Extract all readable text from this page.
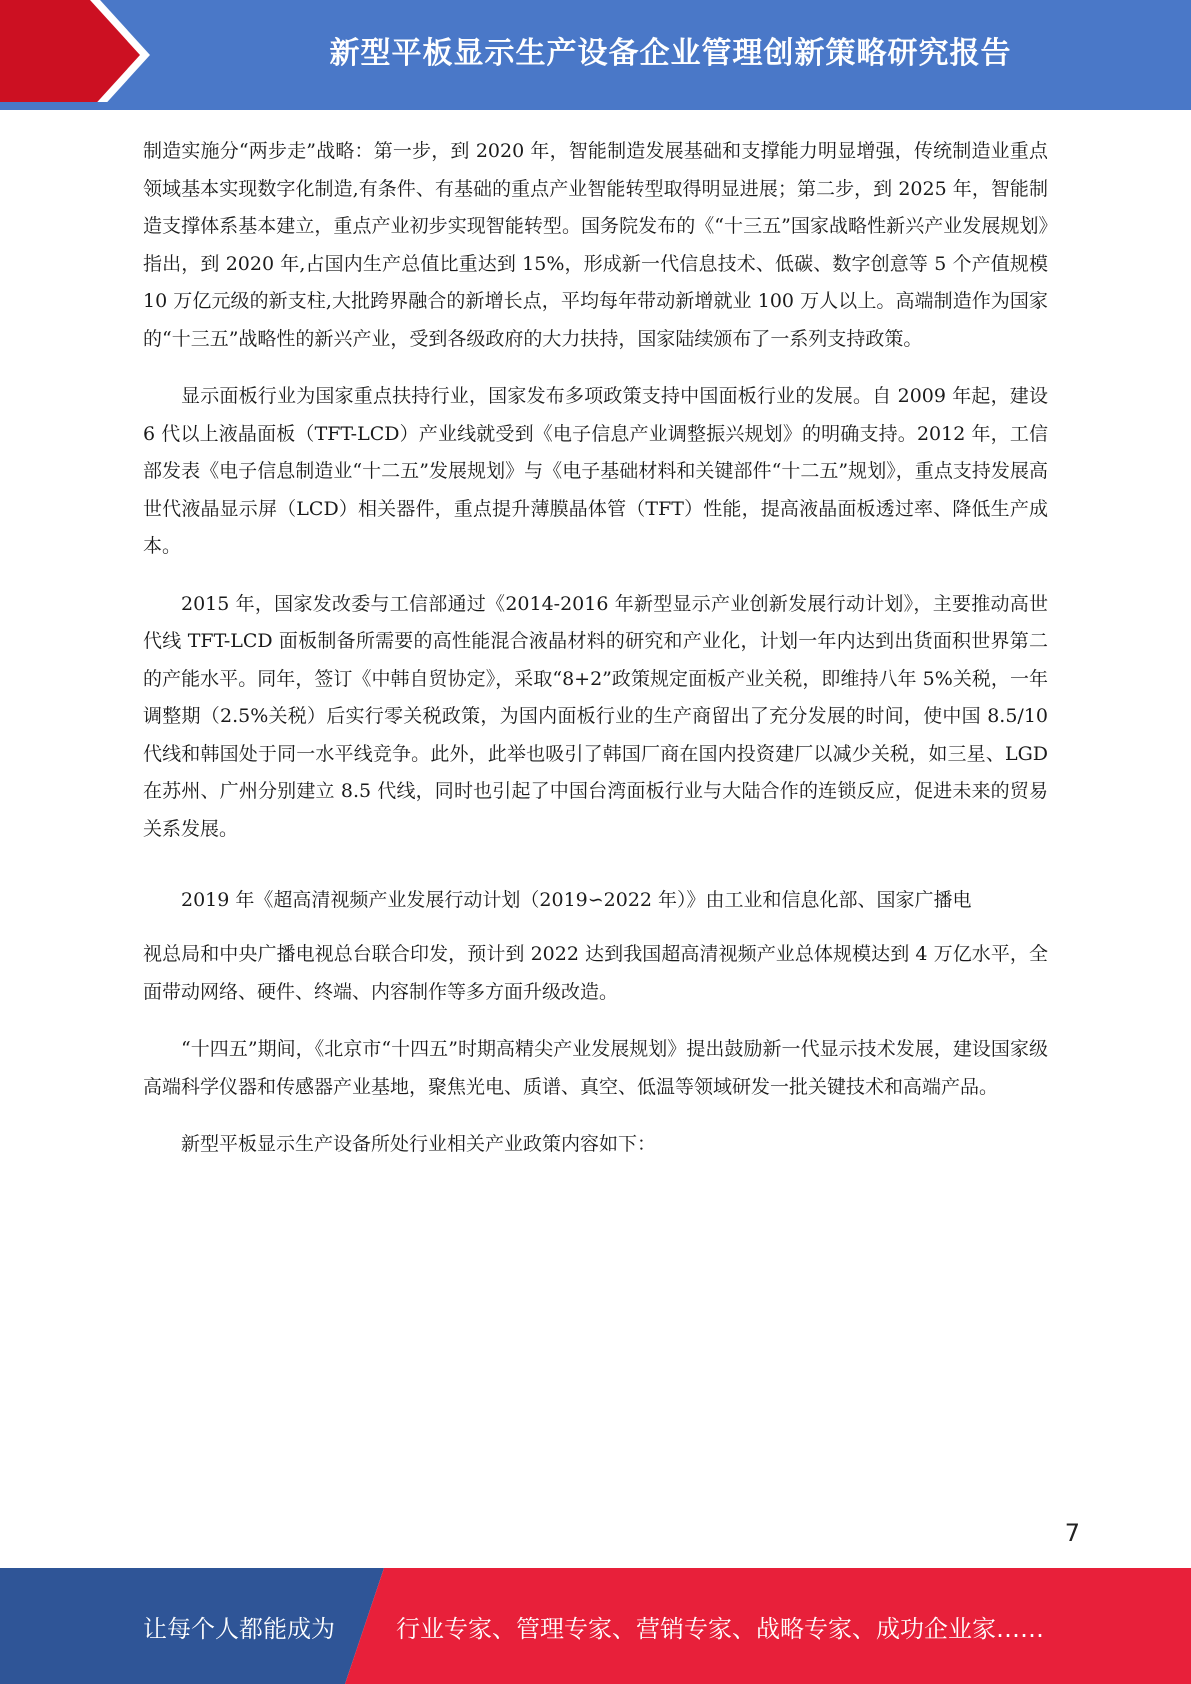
新型平板显示生产设备企业管理创新策略研究报告

制造实施分“两步走”战略：第一步，到 2020 年，智能制造发展基础和支撑能力明显增强，传统制造业重点领域基本实现数字化制造,有条件、有基础的重点产业智能转型取得明显进展；第二步，到 2025 年，智能制造支撑体系基本建立，重点产业初步实现智能转型。国务院发布的《“十三五”国家战略性新兴产业发展规划》指出，到 2020 年,占国内生产总值比重达到 15%，形成新一代信息技术、低碳、数字创意等 5 个产值规模 10 万亿元级的新支柱,大批跨界融合的新增长点，平均每年带动新增就业 100 万人以上。高端制造作为国家的“十三五”战略性的新兴产业，受到各级政府的大力扶持，国家陆续颁布了一系列支持政策。

显示面板行业为国家重点扶持行业，国家发布多项政策支持中国面板行业的发展。自 2009 年起，建设 6 代以上液晶面板（TFT-LCD）产业线就受到《电子信息产业调整振兴规划》的明确支持。2012 年，工信部发表《电子信息制造业“十二五”发展规划》与《电子基础材料和关键部件“十二五”规划》，重点支持发展高世代液晶显示屏（LCD）相关器件，重点提升薄膜晶体管（TFT）性能，提高液晶面板透过率、降低生产成本。

2015 年，国家发改委与工信部通过《2014-2016 年新型显示产业创新发展行动计划》，主要推动高世代线 TFT-LCD 面板制备所需要的高性能混合液晶材料的研究和产业化，计划一年内达到出货面积世界第二的产能水平。同年，签订《中韩自贸协定》，采取“8+2”政策规定面板产业关税，即维持八年 5%关税，一年调整期（2.5%关税）后实行零关税政策，为国内面板行业的生产商留出了充分发展的时间，使中国 8.5/10 代线和韩国处于同一水平线竞争。此外，此举也吸引了韩国厂商在国内投资建厂以减少关税，如三星、LGD 在苏州、广州分别建立 8.5 代线，同时也引起了中国台湾面板行业与大陆合作的连锁反应，促进未来的贸易关系发展。

2019 年《超高清视频产业发展行动计划（2019∽2022 年）》由工业和信息化部、国家广播电
视总局和中央广播电视总台联合印发，预计到 2022 达到我国超高清视频产业总体规模达到 4 万亿水平，全面带动网络、硬件、终端、内容制作等多方面升级改造。

“十四五”期间，《北京市“十四五”时期高精尖产业发展规划》提出鼓励新一代显示技术发展，建设国家级高端科学仪器和传感器产业基地，聚焦光电、质谱、真空、低温等领域研发一批关键技术和高端产品。

新型平板显示生产设备所处行业相关产业政策内容如下：

7
让每个人都能成为	行业专家、管理专家、营销专家、战略专家、成功企业家……
